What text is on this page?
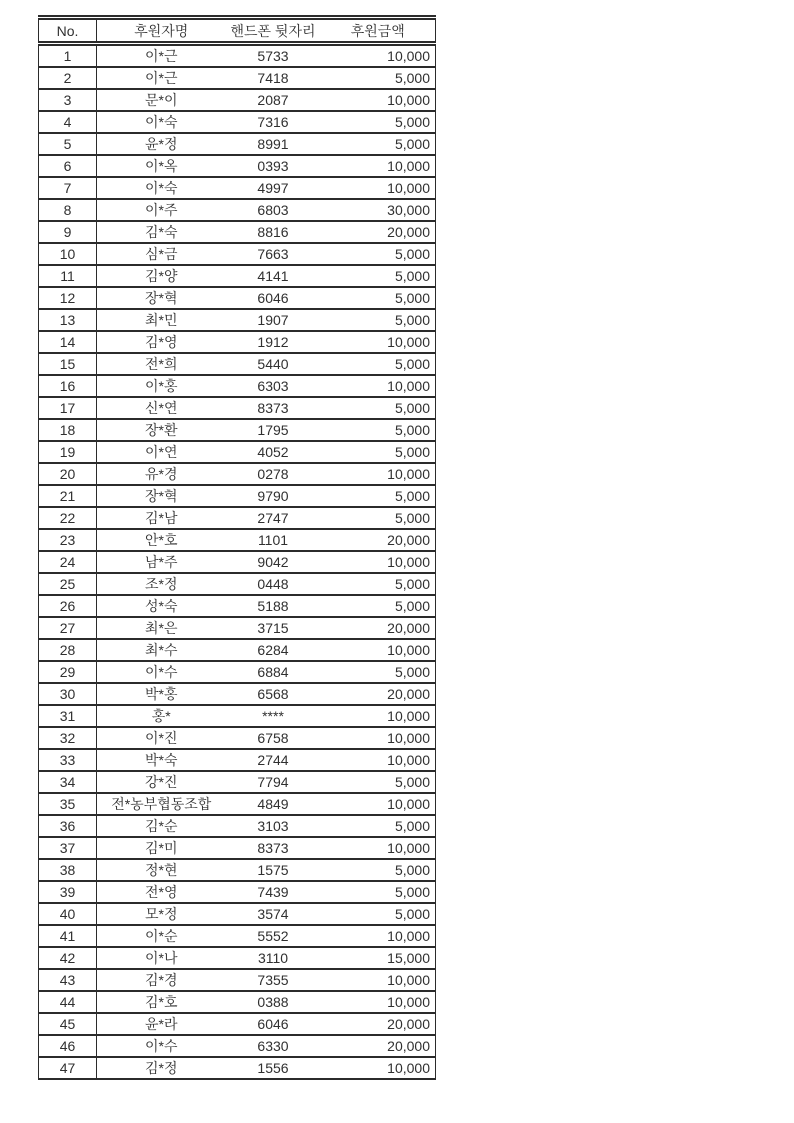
No.	후원자명	핸드폰 뒷자리	후원금액
1	이*근	5733	10,000
2	이*근	7418	5,000
3	문*이	2087	10,000
4	이*숙	7316	5,000
5	윤*정	8991	5,000
6	이*옥	0393	10,000
7	이*숙	4997	10,000
8	이*주	6803	30,000
9	김*숙	8816	20,000
10	심*금	7663	5,000
11	김*양	4141	5,000
12	장*혁	6046	5,000
13	최*민	1907	5,000
14	김*영	1912	10,000
15	전*희	5440	5,000
16	이*홍	6303	10,000
17	신*연	8373	5,000
18	장*환	1795	5,000
19	이*연	4052	5,000
20	유*경	0278	10,000
21	장*혁	9790	5,000
22	김*남	2747	5,000
23	안*호	1101	20,000
24	남*주	9042	10,000
25	조*정	0448	5,000
26	성*숙	5188	5,000
27	최*은	3715	20,000
28	최*수	6284	10,000
29	이*수	6884	5,000
30	박*홍	6568	20,000
31	홍*	****	10,000
32	이*진	6758	10,000
33	박*숙	2744	10,000
34	강*진	7794	5,000
35	전*농부협동조합	4849	10,000
36	김*순	3103	5,000
37	김*미	8373	10,000
38	정*현	1575	5,000
39	전*영	7439	5,000
40	모*정	3574	5,000
41	이*순	5552	10,000
42	이*나	3110	15,000
43	김*경	7355	10,000
44	김*호	0388	10,000
45	윤*라	6046	20,000
46	이*수	6330	20,000
47	김*정	1556	10,000
